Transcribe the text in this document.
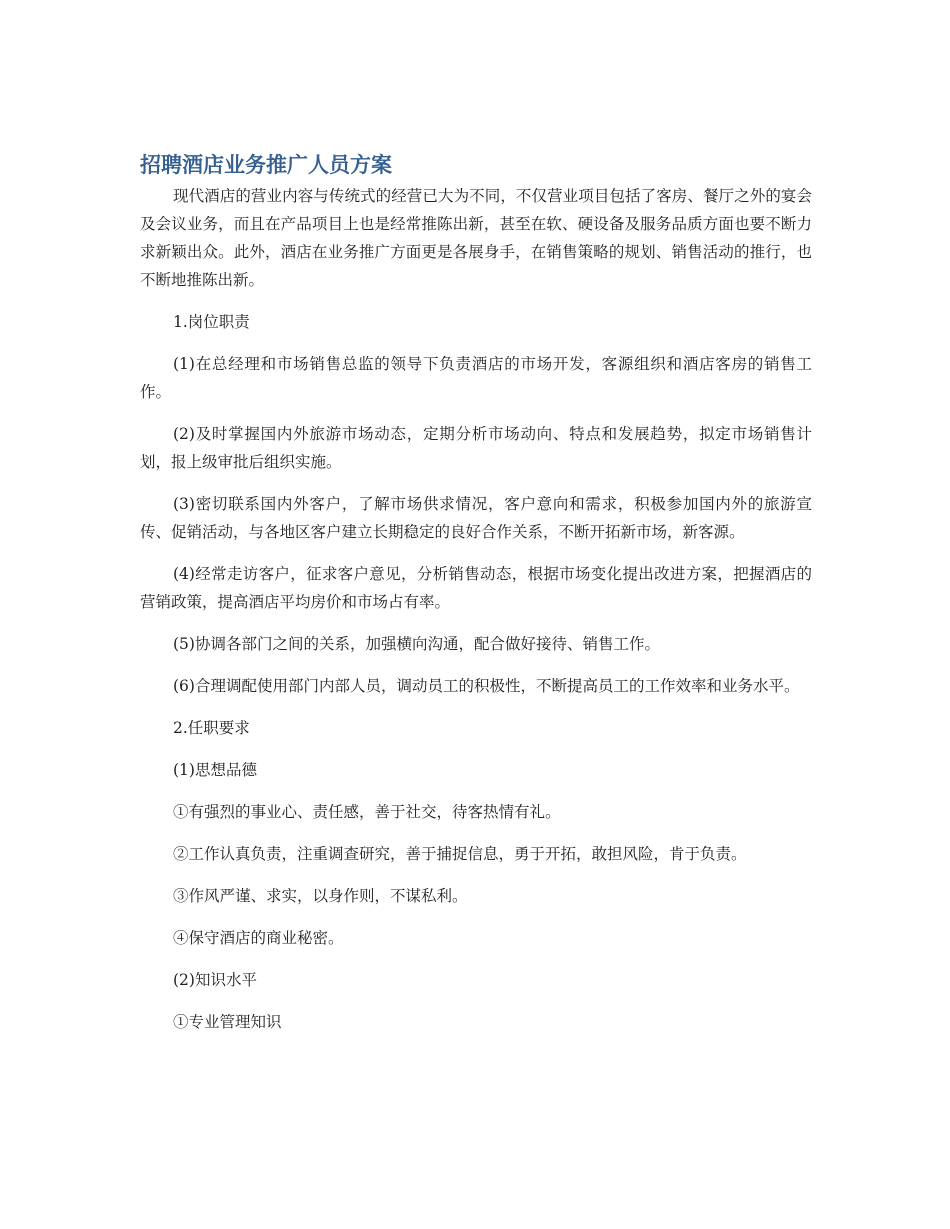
招聘酒店业务推广人员方案

现代酒店的营业内容与传统式的经营已大为不同，不仅营业项目包括了客房、餐厅之外的宴会及会议业务，而且在产品项目上也是经常推陈出新，甚至在软、硬设备及服务品质方面也要不断力求新颖出众。此外，酒店在业务推广方面更是各展身手，在销售策略的规划、销售活动的推行，也不断地推陈出新。

1.岗位职责

(1)在总经理和市场销售总监的领导下负责酒店的市场开发，客源组织和酒店客房的销售工作。

(2)及时掌握国内外旅游市场动态，定期分析市场动向、特点和发展趋势，拟定市场销售计划，报上级审批后组织实施。

(3)密切联系国内外客户，了解市场供求情况，客户意向和需求，积极参加国内外的旅游宣传、促销活动，与各地区客户建立长期稳定的良好合作关系，不断开拓新市场，新客源。

(4)经常走访客户，征求客户意见，分析销售动态，根据市场变化提出改进方案，把握酒店的营销政策，提高酒店平均房价和市场占有率。

(5)协调各部门之间的关系，加强横向沟通，配合做好接待、销售工作。

(6)合理调配使用部门内部人员，调动员工的积极性，不断提高员工的工作效率和业务水平。

2.任职要求

(1)思想品德

①有强烈的事业心、责任感，善于社交，待客热情有礼。

②工作认真负责，注重调查研究，善于捕捉信息，勇于开拓，敢担风险，肯于负责。

③作风严谨、求实，以身作则，不谋私利。

④保守酒店的商业秘密。

(2)知识水平

①专业管理知识
